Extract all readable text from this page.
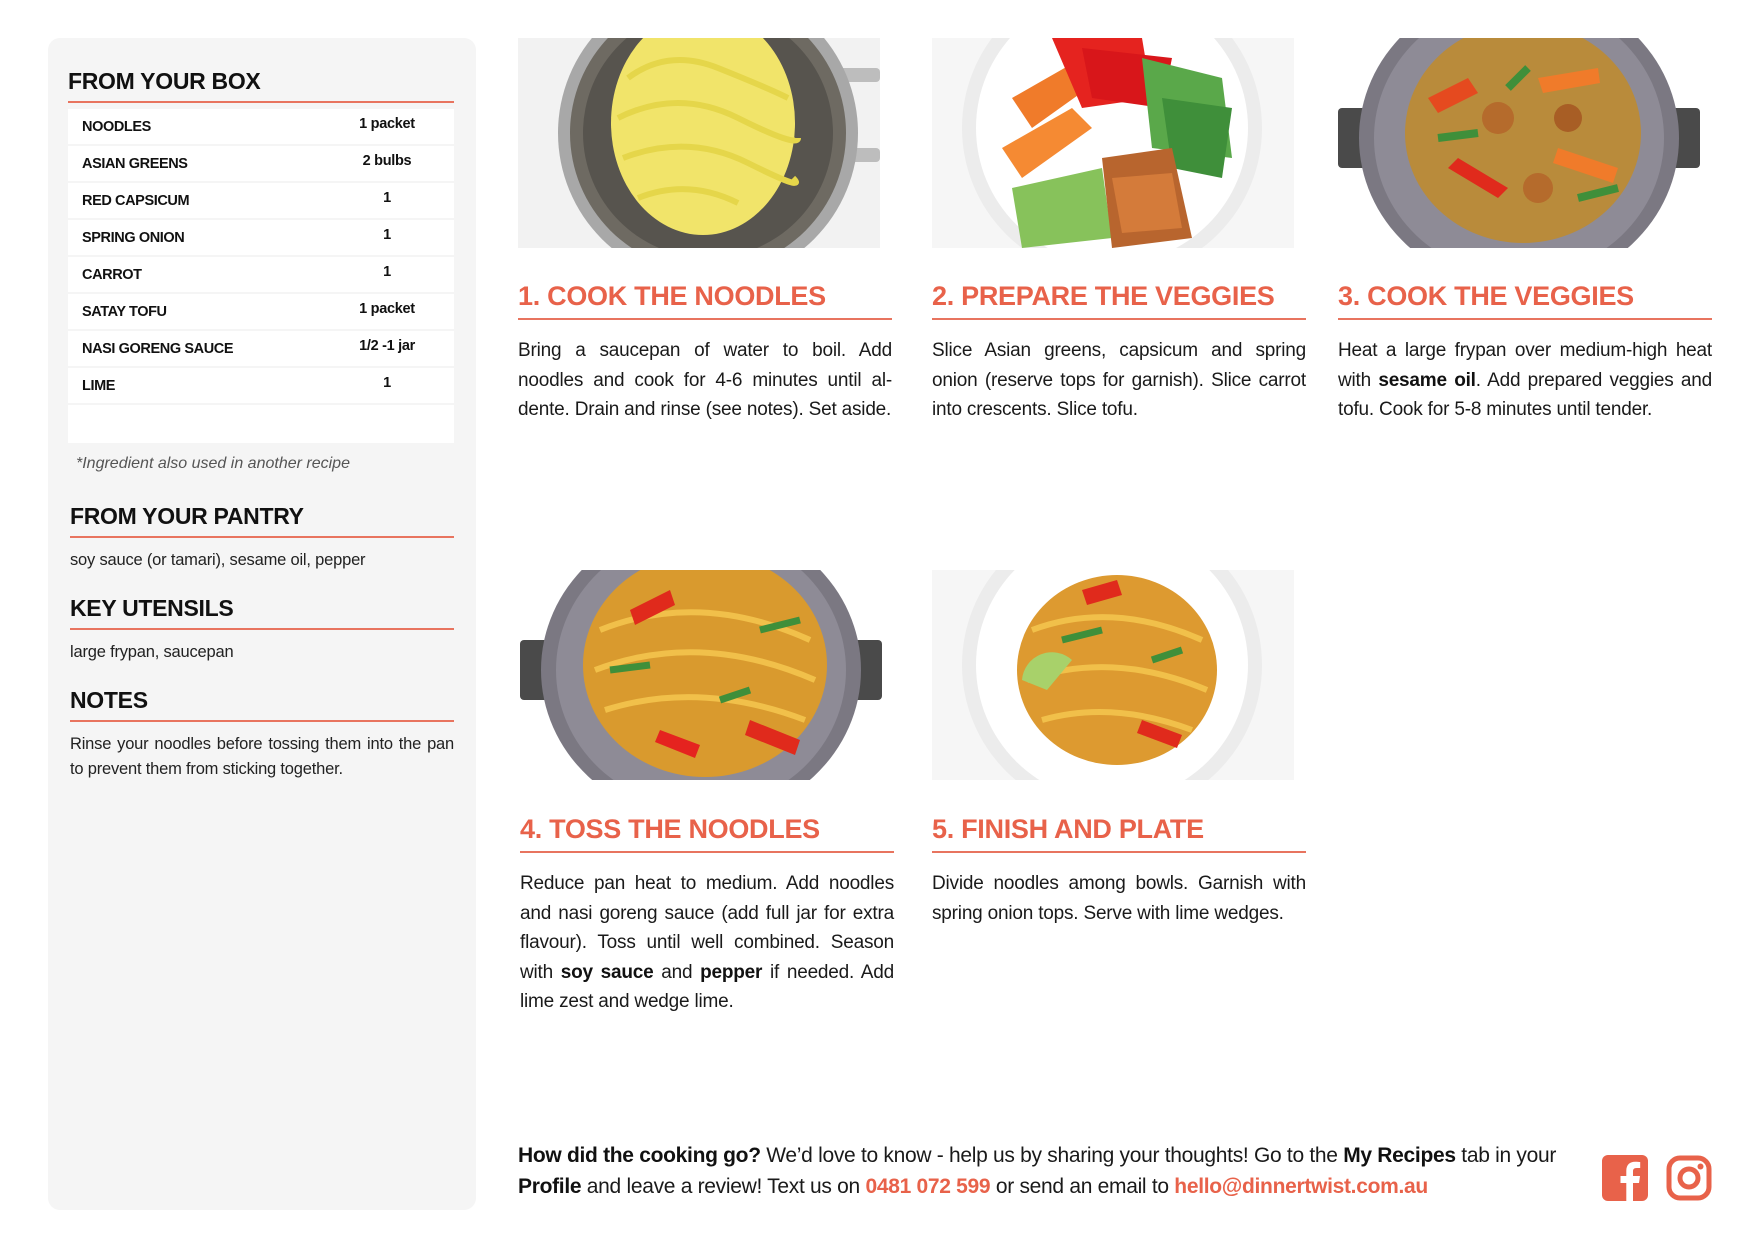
FROM YOUR BOX
NOODLES	1 packet
ASIAN GREENS	2 bulbs
RED CAPSICUM	1
SPRING ONION	1
CARROT	1
SATAY TOFU	1 packet
NASI GORENG SAUCE	1/2 -1 jar
LIME	1
*Ingredient also used in another recipe
FROM YOUR PANTRY
soy sauce (or tamari), sesame oil, pepper
KEY UTENSILS
large frypan, saucepan
NOTES
Rinse your noodles before tossing them into the pan to prevent them from sticking together.
1. COOK THE NOODLES
Bring a saucepan of water to boil. Add noodles and cook for 4-6 minutes until al-dente. Drain and rinse (see notes). Set aside.
2. PREPARE THE VEGGIES
Slice Asian greens, capsicum and spring onion (reserve tops for garnish). Slice carrot into crescents. Slice tofu.
3. COOK THE VEGGIES
Heat a large frypan over medium-high heat with sesame oil. Add prepared veggies and tofu. Cook for 5-8 minutes until tender.
4. TOSS THE NOODLES
Reduce pan heat to medium. Add noodles and nasi goreng sauce (add full jar for extra flavour). Toss until well combined. Season with soy sauce and pepper if needed. Add lime zest and wedge lime.
5. FINISH AND PLATE
Divide noodles among bowls. Garnish with spring onion tops. Serve with lime wedges.
How did the cooking go? We’d love to know - help us by sharing your thoughts! Go to the My Recipes tab in your Profile and leave a review! Text us on 0481 072 599 or send an email to hello@dinnertwist.com.au
